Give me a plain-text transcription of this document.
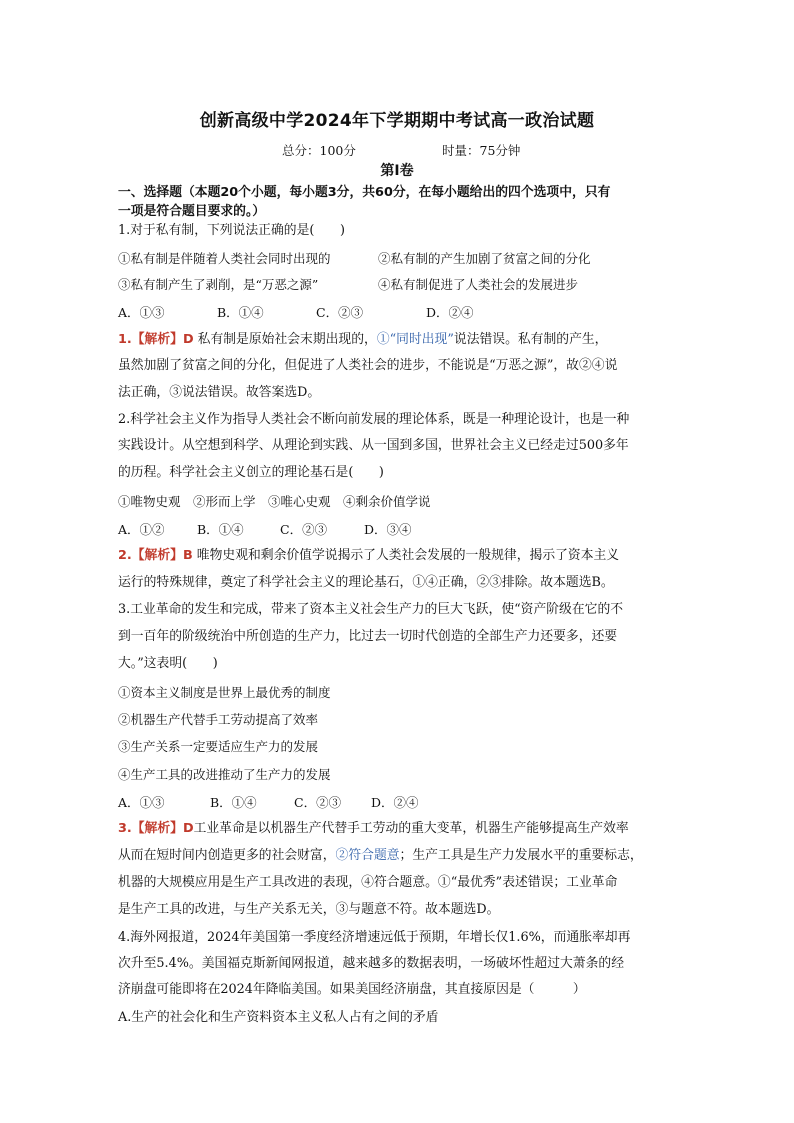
创新高级中学2024年下学期期中考试高一政治试题
总分：100分	时量：75分钟
第Ⅰ卷
一、选择题（本题20个小题，每小题3分，共60分，在每小题给出的四个选项中，只有
一项是符合题目要求的。）
1.对于私有制，下列说法正确的是(　　)
①私有制是伴随着人类社会同时出现的	②私有制的产生加剧了贫富之间的分化
③私有制产生了剥削，是“万恶之源”	④私有制促进了人类社会的发展进步
A．①③	B．①④	C．②③	D．②④
1.【解析】D 私有制是原始社会末期出现的，①“同时出现”说法错误。私有制的产生，
虽然加剧了贫富之间的分化，但促进了人类社会的进步，不能说是“万恶之源”，故②④说
法正确，③说法错误。故答案选D。
2.科学社会主义作为指导人类社会不断向前发展的理论体系，既是一种理论设计，也是一种
实践设计。从空想到科学、从理论到实践、从一国到多国，世界社会主义已经走过500多年
的历程。科学社会主义创立的理论基石是(　　)
①唯物史观　②形而上学　③唯心史观　④剩余价值学说
A．①②	B．①④	C．②③	D．③④
2.【解析】B 唯物史观和剩余价值学说揭示了人类社会发展的一般规律，揭示了资本主义
运行的特殊规律，奠定了科学社会主义的理论基石，①④正确，②③排除。故本题选B。
3.工业革命的发生和完成，带来了资本主义社会生产力的巨大飞跃，使“资产阶级在它的不
到一百年的阶级统治中所创造的生产力，比过去一切时代创造的全部生产力还要多，还要
大。”这表明(　　)
①资本主义制度是世界上最优秀的制度
②机器生产代替手工劳动提高了效率
③生产关系一定要适应生产力的发展
④生产工具的改进推动了生产力的发展
A．①③	B．①④	C．②③ D．②④
3.【解析】D工业革命是以机器生产代替手工劳动的重大变革，机器生产能够提高生产效率
从而在短时间内创造更多的社会财富，②符合题意；生产工具是生产力发展水平的重要标志，
机器的大规模应用是生产工具改进的表现，④符合题意。①“最优秀”表述错误；工业革命
是生产工具的改进，与生产关系无关，③与题意不符。故本题选D。
4.海外网报道，2024年美国第一季度经济增速远低于预期，年增长仅1.6%，而通胀率却再
次升至5.4%。美国福克斯新闻网报道，越来越多的数据表明，一场破坏性超过大萧条的经
济崩盘可能即将在2024年降临美国。如果美国经济崩盘，其直接原因是（　　　）
A.生产的社会化和生产资料资本主义私人占有之间的矛盾
